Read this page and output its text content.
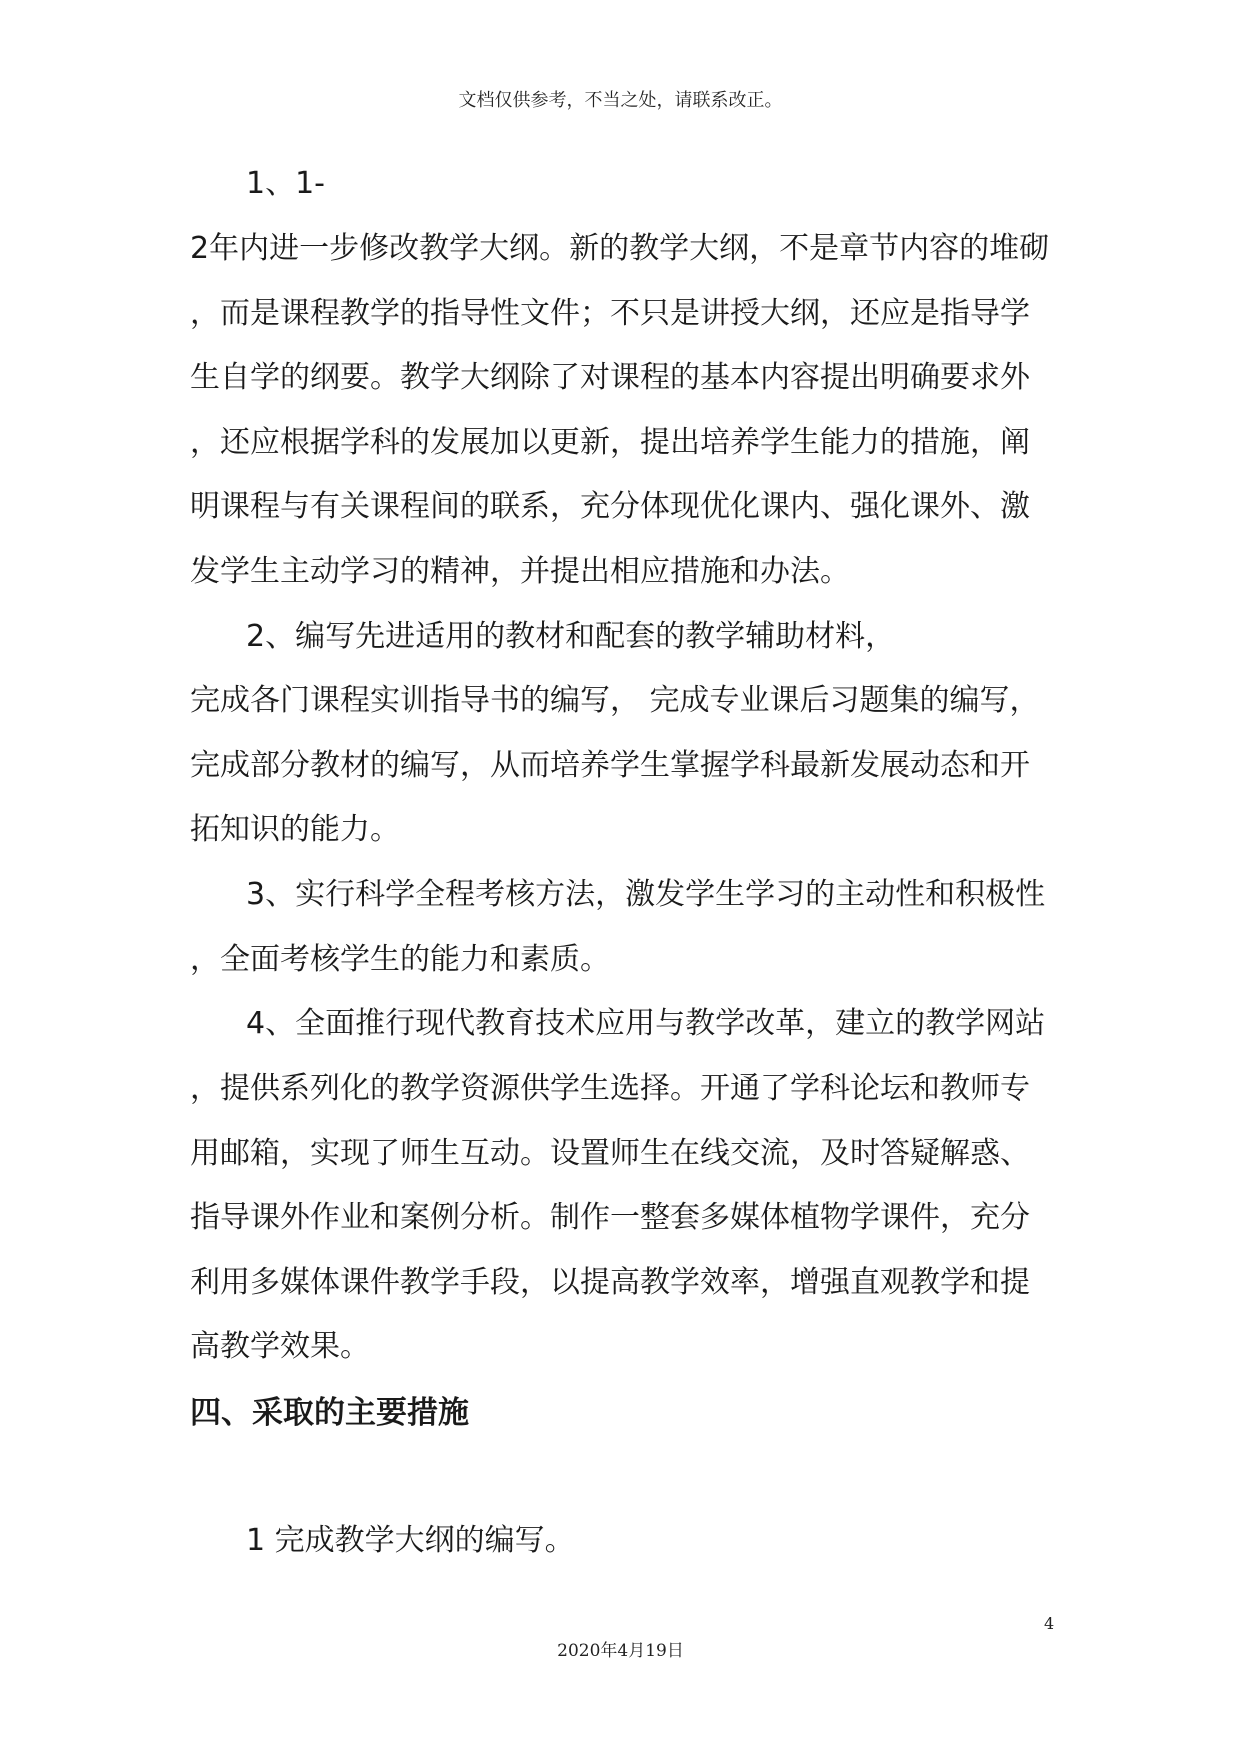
文档仅供参考，不当之处，请联系改正。
1、1-
2年内进一步修改教学大纲。新的教学大纲，不是章节内容的堆砌
，而是课程教学的指导性文件；不只是讲授大纲，还应是指导学
生自学的纲要。教学大纲除了对课程的基本内容提出明确要求外
，还应根据学科的发展加以更新，提出培养学生能力的措施，阐
明课程与有关课程间的联系，充分体现优化课内、强化课外、激
发学生主动学习的精神，并提出相应措施和办法。
2、编写先进适用的教材和配套的教学辅助材料，
完成各门课程实训指导书的编写， 完成专业课后习题集的编写，
完成部分教材的编写，从而培养学生掌握学科最新发展动态和开
拓知识的能力。
3、实行科学全程考核方法，激发学生学习的主动性和积极性
，全面考核学生的能力和素质。
4、全面推行现代教育技术应用与教学改革，建立的教学网站
，提供系列化的教学资源供学生选择。开通了学科论坛和教师专
用邮箱，实现了师生互动。设置师生在线交流，及时答疑解惑、
指导课外作业和案例分析。制作一整套多媒体植物学课件，充分
利用多媒体课件教学手段，以提高教学效率，增强直观教学和提
高教学效果。
四、采取的主要措施
1 完成教学大纲的编写。
4
2020年4月19日
